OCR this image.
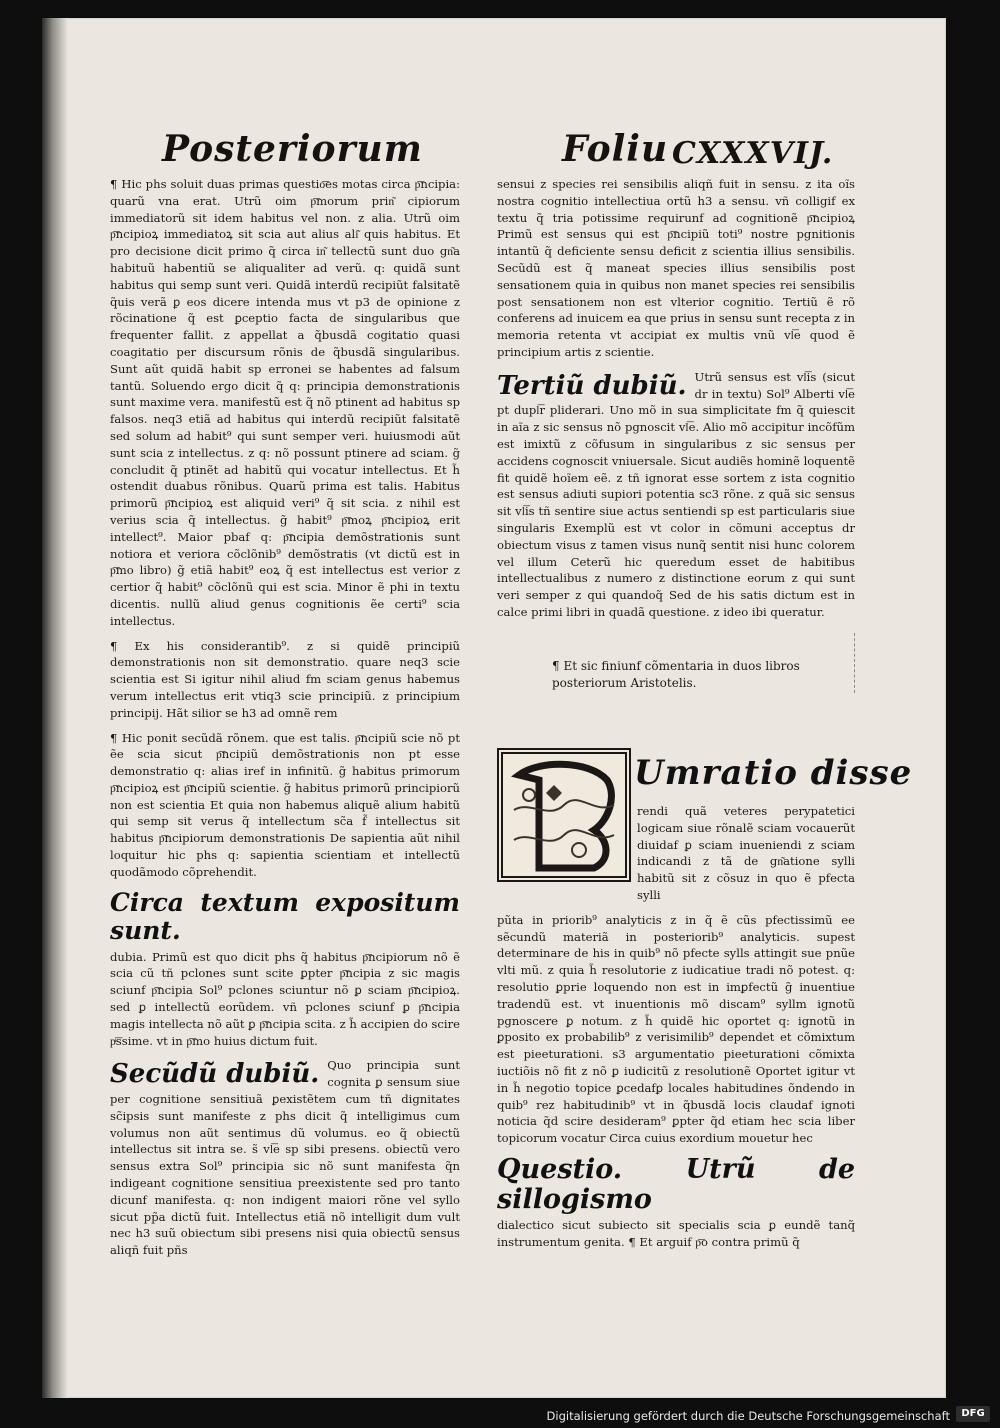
Posteriorum	Foliu CXXXVIJ.

¶ Hic phs soluit duas primas questio͞es motas circa p͞ncipia: quarũ vna erat. Utrũ oim p͞morum prin͂ cipiorum immediatorũ sit idem habitus vel non. z alia. Utrũ oim p͞ncipioꝝ immediatoꝝ sit scia aut alius ali͂ quis habitus. Et pro decisione dicit primo q̃ circa in͂ tellectũ sunt duo gn͂a habituũ habentiũ se aliqualiter ad verũ. q: quidã sunt habitus qui semp sunt veri. Quidã interdũ recipiũt falsitatẽ q̃uis verã ꝑ eos dicere intenda mus vt p3 de opinione z rõcinatione q̃ est ꝑceptio facta de singularibus que frequenter fallit. z appellat a q̃busdã cogitatio quasi coagitatio per discursum rõnis de q̃busdã singularibus. Sunt aũt quidã habit sp erronei se habentes ad falsum tantũ. Soluendo ergo dicit q̃ q: principia demonstrationis sunt maxime vera. manifestũ est q̃ nõ ptinent ad habitus sp falsos. neq3 etiã ad habitus qui interdũ recipiũt falsitatẽ sed solum ad habit⁹ qui sunt semper veri. huiusmodi aũt sunt scia z intellectus. z q: nõ possunt ptinere ad sciam. g̃ concludit q̃ ptinẽt ad habitũ qui vocatur intellectus. Et h̃ ostendit duabus rõnibus. Quarũ prima est talis. Habitus primorũ p͞ncipioꝝ est aliquid veri⁹ q̃ sit scia. z nihil est verius scia q̃ intellectus. g̃ habit⁹ p͞moꝝ p͞ncipioꝝ erit intellect⁹. Maior pbaf q: p͞ncipia demõstrationis sunt notiora et veriora cõclõnib⁹ demõstratis (vt dictũ est in p͞mo libro) g̃ etiã habit⁹ eoꝝ q̃ est intellectus est verior z certior q̃ habit⁹ cõclõnũ qui est scia. Minor ẽ phi in textu dicentis. nullũ aliud genus cognitionis ẽe certi⁹ scia intellectus.

¶ Ex his considerantib⁹. z si quidẽ principiũ demonstrationis non sit demonstratio. quare neq3 scie scientia est Si igitur nihil aliud fm sciam genus habemus verum intellectus erit vtiq3 scie principiũ. z principium principij. Hãt silior se h3 ad omnẽ rem

¶ Hic ponit secũdã rõnem. que est talis. p͞ncipiũ scie nõ pt ẽe scia sicut p͞ncipiũ demõstrationis non pt esse demonstratio q: alias iref in infinitũ. g̃ habitus primorum p͞ncipioꝝ est p͞ncipiũ scientie. g̃ habitus primorũ principiorũ non est scientia Et quia non habemus aliquẽ alium habitũ qui semp sit verus q̃ intellectum sc̃a f̃ intellectus sit habitus p͞ncipiorum demonstrationis De sapientia aũt nihil loquitur hic phs q: sapientia scientiam et intellectũ quodãmodo cõprehendit.

Circa textum expositum sunt.

dubia. Primũ est quo dicit phs q̃ habitus p͞ncipiorum nõ ẽ scia cũ tñ pclones sunt scite ꝑpter p͞ncipia z sic magis sciunf p͞ncipia Sol⁹ pclones sciuntur nõ ꝑ sciam p͞ncipioꝝ. sed ꝑ intellectũ eorũdem. vñ pclones sciunf ꝑ p͞ncipia magis intellecta nõ aũt ꝑ p͞ncipia scita. z h̃ accipien do scire pͥ͞ssime. vt in p͞mo huius dictum fuit.

Secũdũ dubiũ. Quo principia sunt cognita ꝑ sensum siue per cognitione sensitiuã ꝑexistẽtem cum tñ dignitates sc̃ipsis sunt manifeste z phs dicit q̃ intelligimus cum volumus non aũt sentimus dũ volumus. eo q̃ obiectũ intellectus sit intra se. s̃ vl͞e sp sibi presens. obiectũ vero sensus extra Sol⁹ principia sic nõ sunt manifesta q̃n indigeant cognitione sensitiua preexistente sed pro tanto dicunf manifesta. q: non indigent maiori rõne vel syllo sicut pp̃a dictũ fuit. Intellectus etiã nõ intelligit dum vult nec h3 suũ obiectum sibi presens nisi quia obiectũ sensus aliqñ fuit pñs

sensui z species rei sensibilis aliqñ fuit in sensu. z ita oĩs nostra cognitio intellectiua ortũ h3 a sensu. vñ colligif ex textu q̃ tria potissime requirunf ad cognitionẽ p͞ncipioꝝ Primũ est sensus qui est p͞ncipiũ toti⁹ nostre pgnitionis intantũ q̃ deficiente sensu deficit z scientia illius sensibilis. Secũdũ est q̃ maneat species illius sensibilis post sensationem quia in quibus non manet species rei sensibilis post sensationem non est vlterior cognitio. Tertiũ ẽ rõ conferens ad inuicem ea que prius in sensu sunt recepta z in memoria retenta vt accipiat ex multis vnũ vl͞e quod ẽ principium artis z scientie.

Tertiũ dubiũ. Utrũ sensus est vl͞is (sicut dr in textu) Sol⁹ Alberti vl͞e pt dupl͞r pliderari. Uno mõ in sua simplicitate fm q̃ quiescit in aĩa z sic sensus nõ pgnoscit vl͞e. Alio mõ accipitur incõfũm est imixtũ z cõfusum in singularibus z sic sensus per accidens cognoscit vniuersale. Sicut audiẽs hominẽ loquentẽ fit quidẽ hoĩem eẽ. z tñ ignorat esse sortem z ista cognitio est sensus adiuti supiori potentia sc3 rõne. z quã sic sensus sit vl͞is tñ sentire siue actus sentiendi sp est particularis siue singularis Exemplũ est vt color in cõmuni acceptus dr obiectum visus z tamen visus nunq̃ sentit nisi hunc colorem vel illum Ceterũ hic queredum esset de habitibus intellectualibus z numero z distinctione eorum z qui sunt veri semper z qui quandoq̃ Sed de his satis dictum est in calce primi libri in quadã questione. z ideo ibi queratur.

¶ Et sic finiunf cõmentaria in duos libros posteriorum Aristotelis.
Umratio disse

rendi quã veteres perypatetici logicam siue rõnalẽ sciam vocauerũt diuidaf ꝑ sciam inueniendi z sciam indicandi z tã de gn͂atione sylli habitũ sit z cõsuz in quo ẽ pfecta sylli

pũta in priorib⁹ analyticis z in q̃ ẽ cũs pfectissimũ ee sẽcundũ materiã in posteriorib⁹ analyticis. supest determinare de his in quib⁹ nõ pfecte sylls attingit sue pnũe vlti mũ. z quia h̃ resolutorie z iudicatiue tradi nõ potest. q: resolutio ꝑprie loquendo non est in imꝑfectũ g̃ inuentiue tradendũ est. vt inuentionis mõ discam⁹ syllm ignotũ pgnoscere ꝑ notum. z h̃ quidẽ hic oportet q: ignotũ in ꝑposito ex probabilib⁹ z verisimilib⁹ dependet et cõmixtum est pieeturationi. s3 argumentatio pieeturationi cõmixta iuctiõis nõ fit z nõ ꝑ iudicitũ z resolutionẽ Oportet igitur vt in h̃ negotio topice ꝑcedafꝑ locales habitudines õndendo in quib⁹ rez habitudinib⁹ vt in q̃busdã locis claudaf ignoti noticia q̃d scire desideram⁹ ꝑpter q̃d etiam hec scia liber topicorum vocatur Circa cuius exordium mouetur hec

Questio. Utrũ de sillogismo

dialectico sicut subiecto sit specialis scia ꝑ eundẽ tanq̃ instrumentum genita. ¶ Et arguif p͞o contra primũ q̃

Digitalisierung gefördert durch die Deutsche Forschungsgemeinschaft	DFG
